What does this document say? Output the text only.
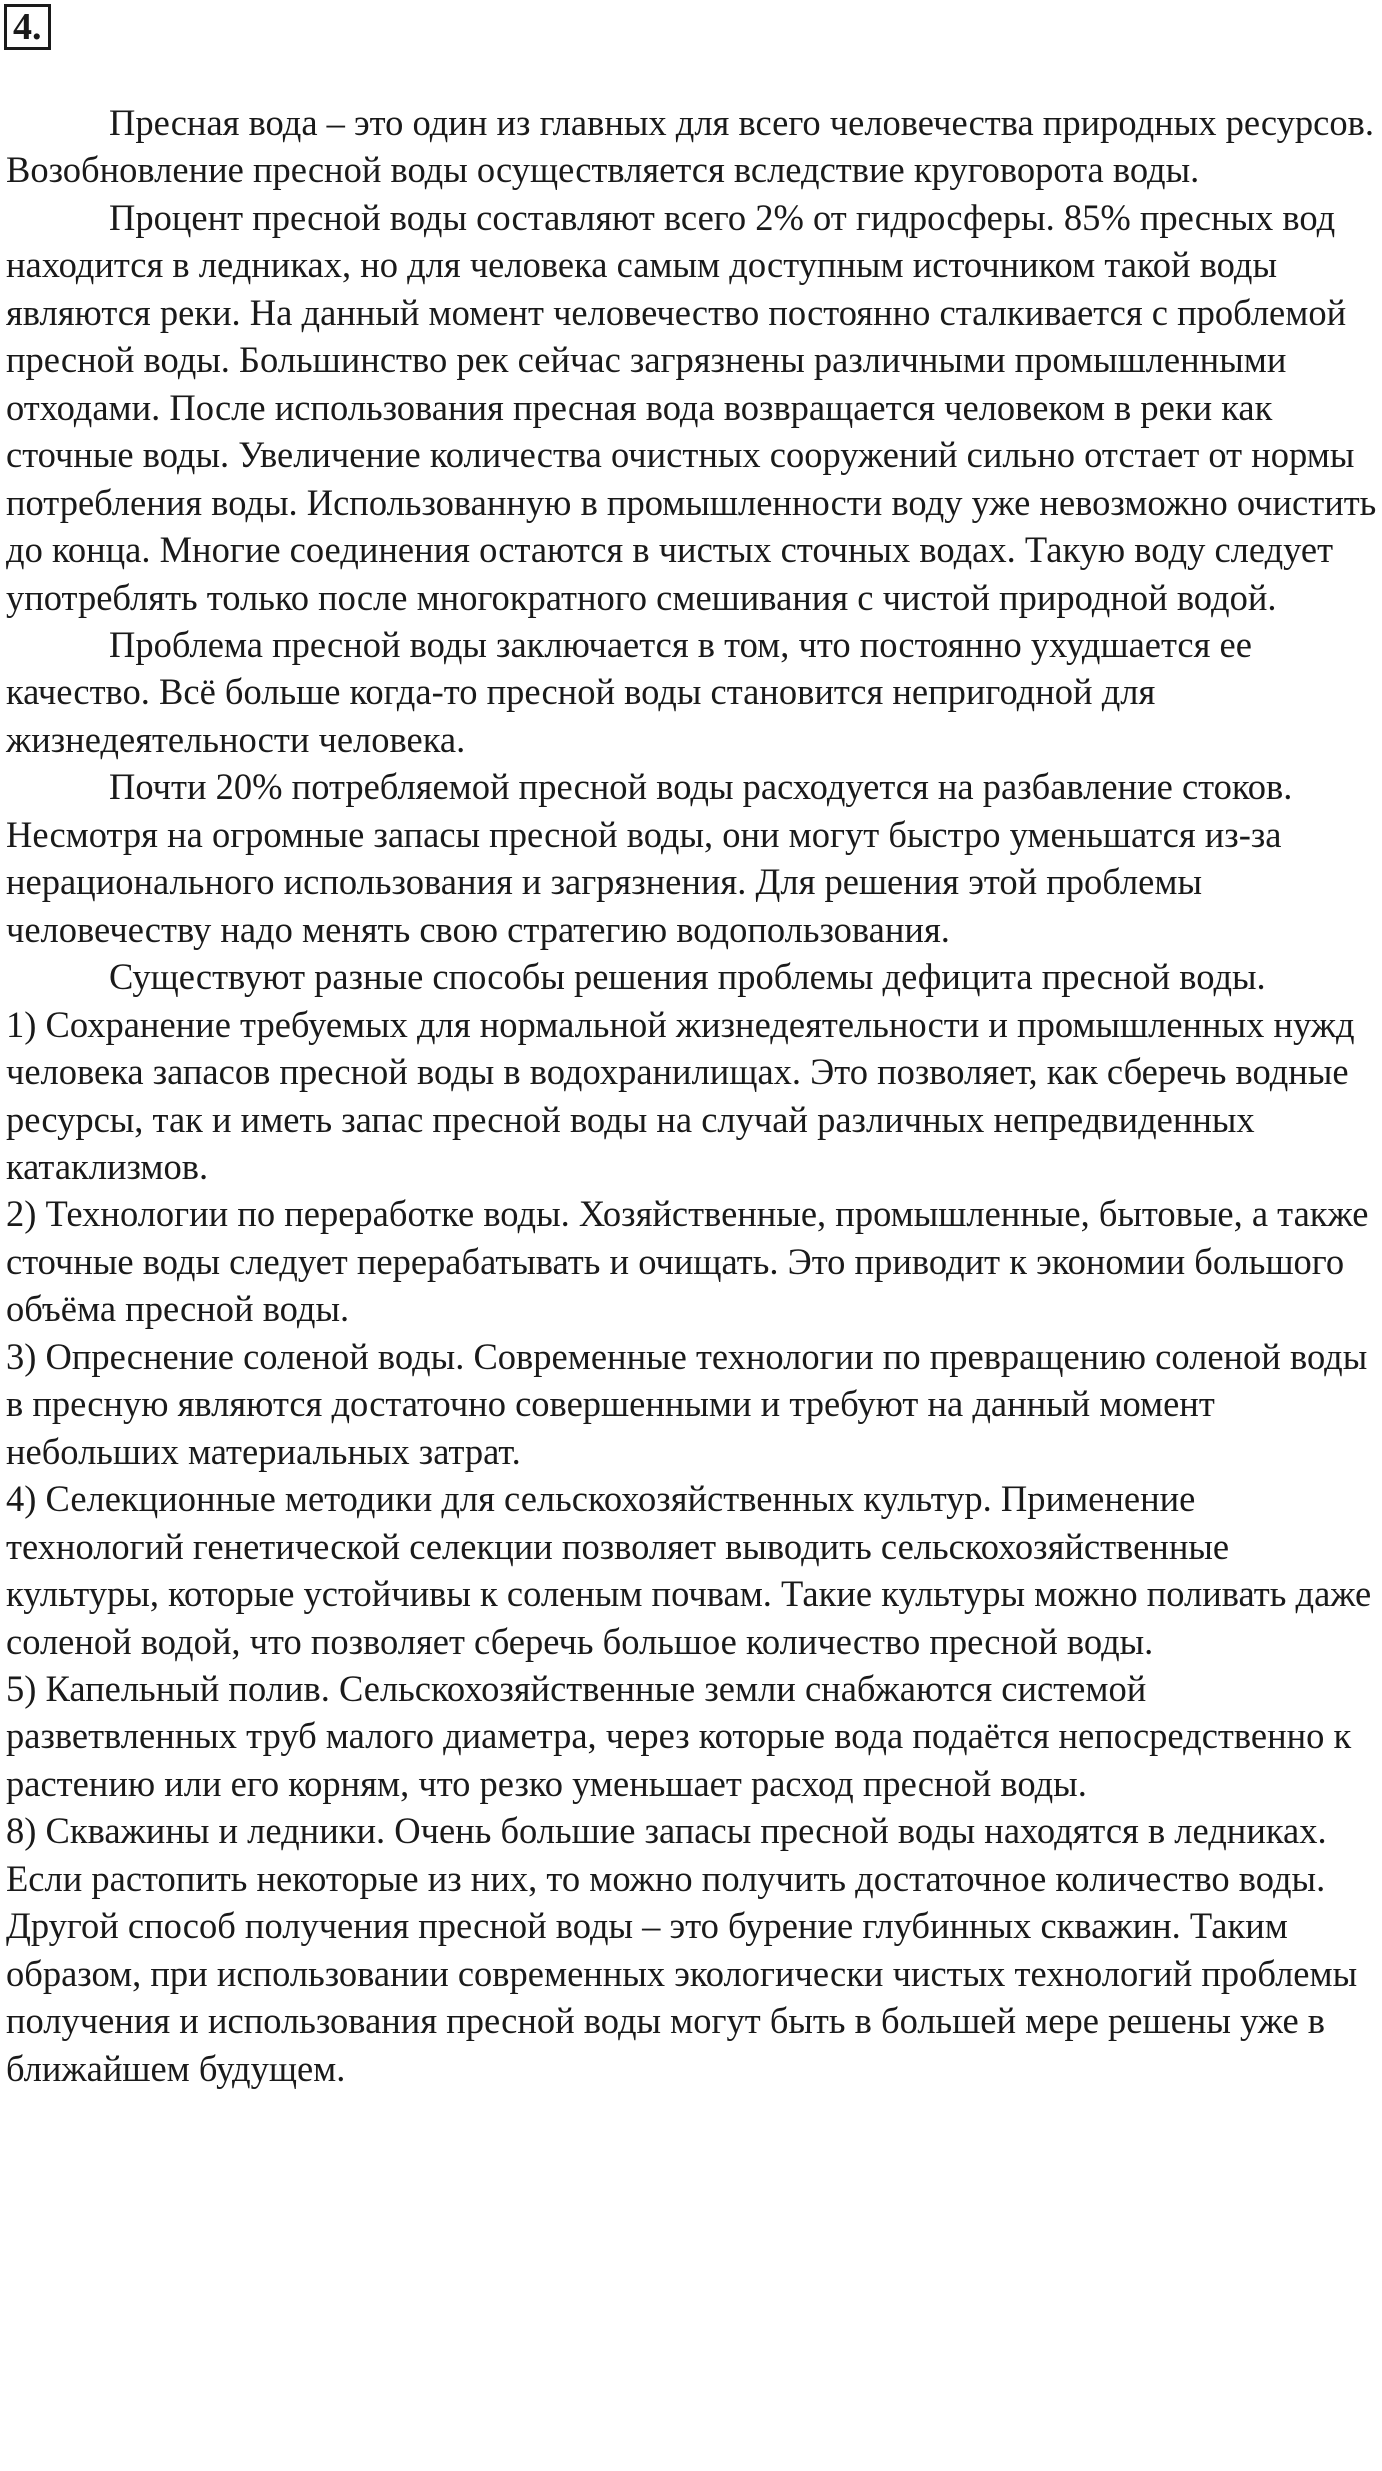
4.

Пресная вода – это один из главных для всего человечества природных ресурсов. Возобновление пресной воды осуществляется вследствие круговорота воды.

Процент пресной воды составляют всего 2% от гидросферы. 85% пресных вод находится в ледниках, но для человека самым доступным источником такой воды являются реки. На данный момент человечество постоянно сталкивается с проблемой пресной воды. Большинство рек сейчас загрязнены различными промышленными отходами. После использования пресная вода возвращается человеком в реки как сточные воды. Увеличение количества очистных сооружений сильно отстает от нормы потребления воды. Использованную в промышленности воду уже невозможно очистить до конца. Многие соединения остаются в чистых сточных водах. Такую воду следует употреблять только после многократного смешивания с чистой природной водой.

Проблема пресной воды заключается в том, что постоянно ухудшается ее качество. Всё больше когда-то пресной воды становится непригодной для жизнедеятельности человека.

Почти 20% потребляемой пресной воды расходуется на разбавление стоков. Несмотря на огромные запасы пресной воды, они могут быстро уменьшатся из-за нерационального использования и загрязнения. Для решения этой проблемы человечеству надо менять свою стратегию водопользования.

Существуют разные способы решения проблемы дефицита пресной воды.

1) Сохранение требуемых для нормальной жизнедеятельности и промышленных нужд человека запасов пресной воды в водохранилищах. Это позволяет, как сберечь водные ресурсы, так и иметь запас пресной воды на случай различных непредвиденных катаклизмов.

2) Технологии по переработке воды. Хозяйственные, промышленные, бытовые, а также сточные воды следует перерабатывать и очищать. Это приводит к экономии большого объёма пресной воды.

3) Опреснение соленой воды. Современные технологии по превращению соленой воды в пресную являются достаточно совершенными и требуют на данный момент небольших материальных затрат.

4) Селекционные методики для сельскохозяйственных культур. Применение технологий генетической селекции позволяет выводить сельскохозяйственные культуры, которые устойчивы к соленым почвам. Такие культуры можно поливать даже соленой водой, что позволяет сберечь большое количество пресной воды.

5) Капельный полив. Сельскохозяйственные земли снабжаются системой разветвленных труб малого диаметра, через которые вода подаётся непосредственно к растению или его корням, что резко уменьшает расход пресной воды.

8) Скважины и ледники. Очень большие запасы пресной воды находятся в ледниках. Если растопить некоторые из них, то можно получить достаточное количество воды. Другой способ получения пресной воды – это бурение глубинных скважин. Таким образом, при использовании современных экологически чистых технологий проблемы получения и использования пресной воды могут быть в большей мере решены уже в ближайшем будущем.
